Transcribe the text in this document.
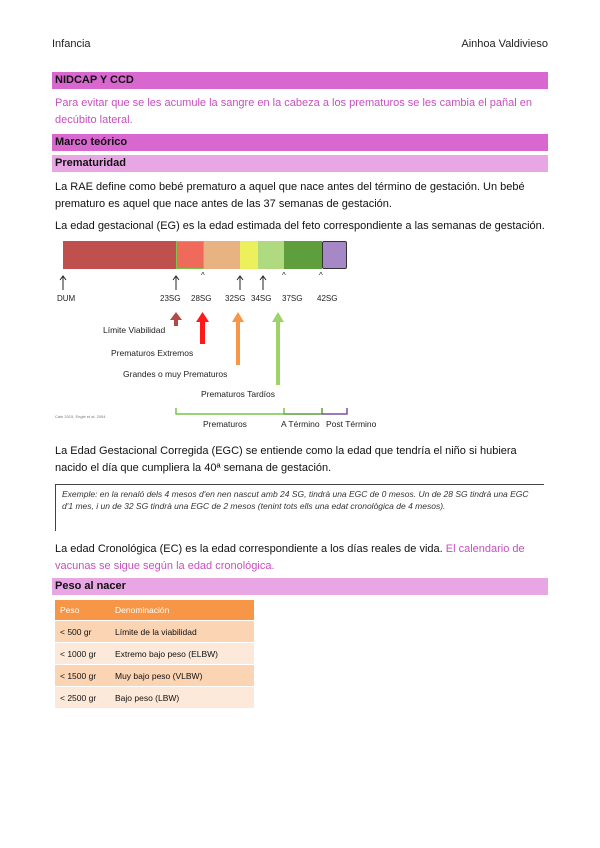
Infancia	Ainhoa Valdivieso
NIDCAP Y CCD
Para evitar que se les acumule la sangre en la cabeza a los prematuros se les cambia el pañal en decúbito lateral.
Marco teórico
Prematuridad
La RAE define como bebé prematuro a aquel que nace antes del término de gestación. Un bebé prematuro es aquel que nace antes de las 37 semanas de gestación.
La edad gestacional (EG) es la edad estimada del feto correspondiente a las semanas de gestación.
^	^	^
DUM	23SG 28SG 32SG 34SG 37SG 42SG
Límite Viabilidad
Prematuros Extremos
Grandes o muy Prematuros
Prematuros Tardíos
Prematuros	A Término Post Término
Cain 2015, Engle et al. 2004
La Edad Gestacional Corregida (EGC) se entiende como la edad que tendría el niño si hubiera nacido el día que cumpliera la 40ª semana de gestación.
Exemple: en la renaló dels 4 mesos d'en nen nascut amb 24 SG, tindrà una EGC de 0 mesos. Un de 28 SG tindrà una EGC d'1 mes, i un de 32 SG tindrà una EGC de 2 mesos (tenint tots ells una edat cronològica de 4 mesos).
La edad Cronológica (EC) es la edad correspondiente a los días reales de vida. El calendario de vacunas se sigue según la edad cronológica.
Peso al nacer
Peso	Denominación
< 500 gr	Límite de la viabilidad
< 1000 gr	Extremo bajo peso (ELBW)
< 1500 gr	Muy bajo peso (VLBW)
< 2500 gr	Bajo peso (LBW)
